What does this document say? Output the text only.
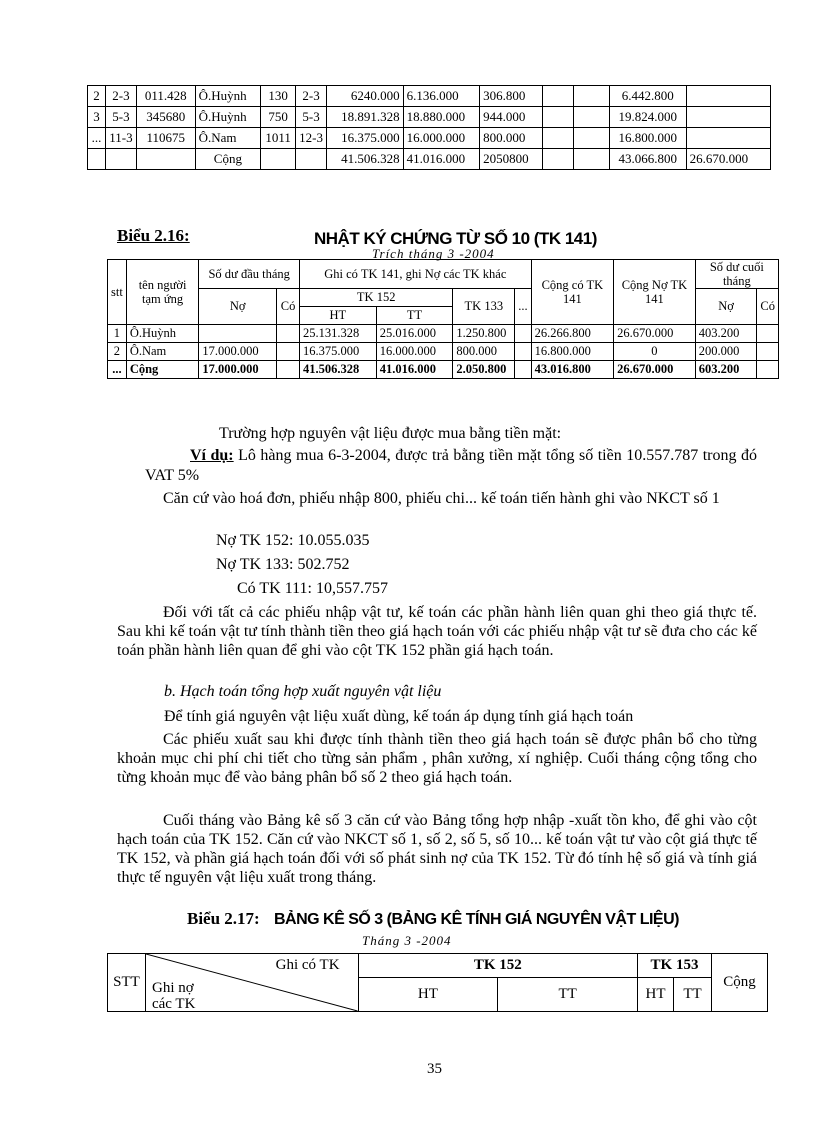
2	2-3	011.428	Ô.Huỳnh	130	2-3	6240.000	6.136.000	306.800			6.442.800	
3	5-3	345680	Ô.Huỳnh	750	5-3	18.891.328	18.880.000	944.000			19.824.000	
...	11-3	110675	Ô.Nam	1011	12-3	16.375.000	16.000.000	800.000			16.800.000	
			Cộng			41.506.328	41.016.000	2050800			43.066.800	26.670.000
Biểu 2.16:	NHẬT KÝ CHỨNG TỪ SỐ 10 (TK 141)
Trích tháng 3 -2004
stt	tên người tạm ứng	Số dư đầu tháng		Ghi có TK 141, ghi Nợ các TK khác				Cộng có TK 141	Cộng Nợ TK 141	Số dư cuối tháng	
		Nợ	Có	TK 152		TK 133	...			Nợ	Có
				HT	TT						
1	Ô.Huỳnh			25.131.328	25.016.000	1.250.800		26.266.800	26.670.000	403.200	
2	Ô.Nam	17.000.000		16.375.000	16.000.000	800.000		16.800.000	0	200.000	
...	Cộng	17.000.000		41.506.328	41.016.000	2.050.800		43.016.800	26.670.000	603.200	
Trường hợp nguyên vật liệu được mua bằng tiền mặt:
Ví dụ: Lô hàng mua 6-3-2004, được trả bằng tiền mặt tổng số tiền 10.557.787 trong đó VAT 5%
Căn cứ vào hoá đơn, phiếu nhập 800, phiếu chi... kế toán tiến hành ghi vào NKCT số 1
Nợ TK 152: 10.055.035
Nợ TK 133: 502.752
Có TK 111: 10,557.757
Đối với tất cả các phiếu nhập vật tư, kế toán các phần hành liên quan ghi theo giá thực tế. Sau khi kế toán vật tư tính thành tiền theo giá hạch toán với các phiếu nhập vật tư sẽ đưa cho các kế toán phần hành liên quan để ghi vào cột TK 152 phần giá hạch toán.
b. Hạch toán tổng hợp xuất nguyên vật liệu
Để tính giá nguyên vật liệu xuất dùng, kế toán áp dụng tính giá hạch toán
Các phiếu xuất sau khi được tính thành tiền theo giá hạch toán sẽ được phân bổ cho từng khoản mục chi phí chi tiết cho từng sản phẩm , phân xưởng, xí nghiệp. Cuối tháng cộng tổng cho từng khoản mục để vào bảng phân bổ số 2 theo giá hạch toán.
Cuối tháng vào Bảng kê số 3 căn cứ vào Bảng tổng hợp nhập -xuất tồn kho, để ghi vào cột hạch toán của TK 152. Căn cứ vào NKCT số 1, số 2, số 5, số 10... kế toán vật tư vào cột giá thực tế TK 152, và phần giá hạch toán đối với số phát sinh nợ của TK 152. Từ đó tính hệ số giá và tính giá thực tế nguyên vật liệu xuất trong tháng.
Biểu 2.17: BẢNG KÊ SỐ 3 (BẢNG KÊ TÍNH GIÁ NGUYÊN VẬT LIỆU)
Tháng 3 -2004
STT	Ghi có TK
Ghi nợ các TK	TK 152		TK 153		Cộng
		HT	TT	HT	TT	
35
